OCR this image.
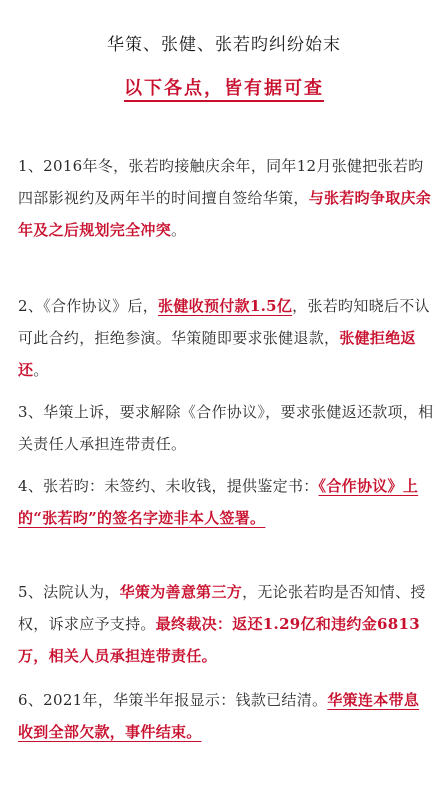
华策、张健、张若昀纠纷始末
以下各点，皆有据可查
1、2016年冬，张若昀接触庆余年，同年12月张健把张若昀四部影视约及两年半的时间擅自签给华策，与张若昀争取庆余年及之后规划完全冲突。
2、《合作协议》后，张健收预付款1.5亿，张若昀知晓后不认可此合约，拒绝参演。华策随即要求张健退款，张健拒绝返还。
3、华策上诉，要求解除《合作协议》，要求张健返还款项，相关责任人承担连带责任。
4、张若昀：未签约、未收钱，提供鉴定书：《合作协议》上的“张若昀”的签名字迹非本人签署。
5、法院认为，华策为善意第三方，无论张若昀是否知情、授权，诉求应予支持。最终裁决：返还1.29亿和违约金6813万，相关人员承担连带责任。
6、2021年，华策半年报显示：钱款已结清。华策连本带息收到全部欠款，事件结束。
